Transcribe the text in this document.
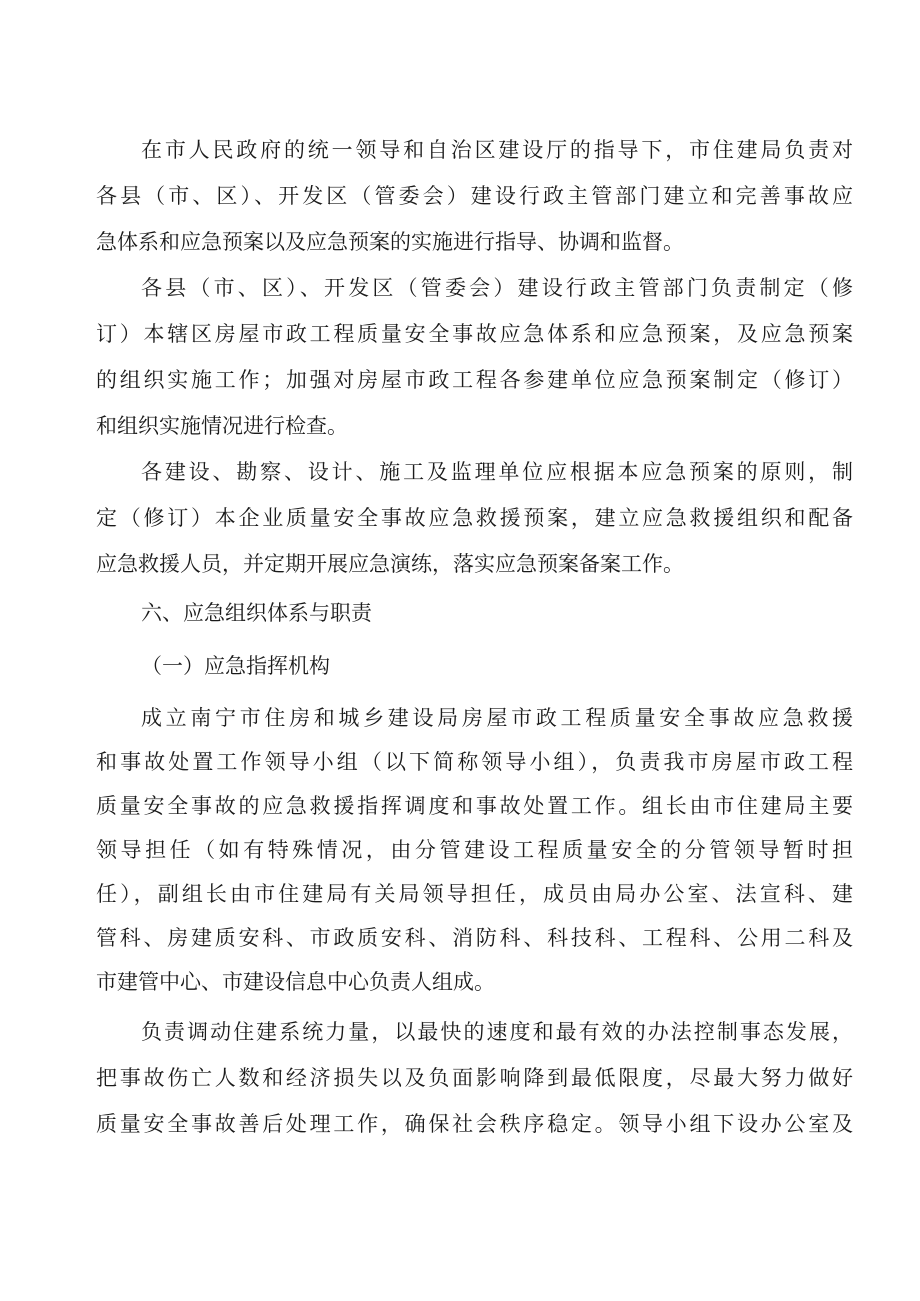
在市人民政府的统一领导和自治区建设厅的指导下，市住建局负责对
各县（市、区）、开发区（管委会）建设行政主管部门建立和完善事故应
急体系和应急预案以及应急预案的实施进行指导、协调和监督。
各县（市、区）、开发区（管委会）建设行政主管部门负责制定（修
订）本辖区房屋市政工程质量安全事故应急体系和应急预案，及应急预案
的组织实施工作；加强对房屋市政工程各参建单位应急预案制定（修订）
和组织实施情况进行检查。
各建设、勘察、设计、施工及监理单位应根据本应急预案的原则，制
定（修订）本企业质量安全事故应急救援预案，建立应急救援组织和配备
应急救援人员，并定期开展应急演练，落实应急预案备案工作。
六、应急组织体系与职责
（一）应急指挥机构
成立南宁市住房和城乡建设局房屋市政工程质量安全事故应急救援
和事故处置工作领导小组（以下简称领导小组），负责我市房屋市政工程
质量安全事故的应急救援指挥调度和事故处置工作。组长由市住建局主要
领导担任（如有特殊情况，由分管建设工程质量安全的分管领导暂时担
任），副组长由市住建局有关局领导担任，成员由局办公室、法宣科、建
管科、房建质安科、市政质安科、消防科、科技科、工程科、公用二科及
市建管中心、市建设信息中心负责人组成。
负责调动住建系统力量，以最快的速度和最有效的办法控制事态发展，
把事故伤亡人数和经济损失以及负面影响降到最低限度，尽最大努力做好
质量安全事故善后处理工作，确保社会秩序稳定。领导小组下设办公室及
